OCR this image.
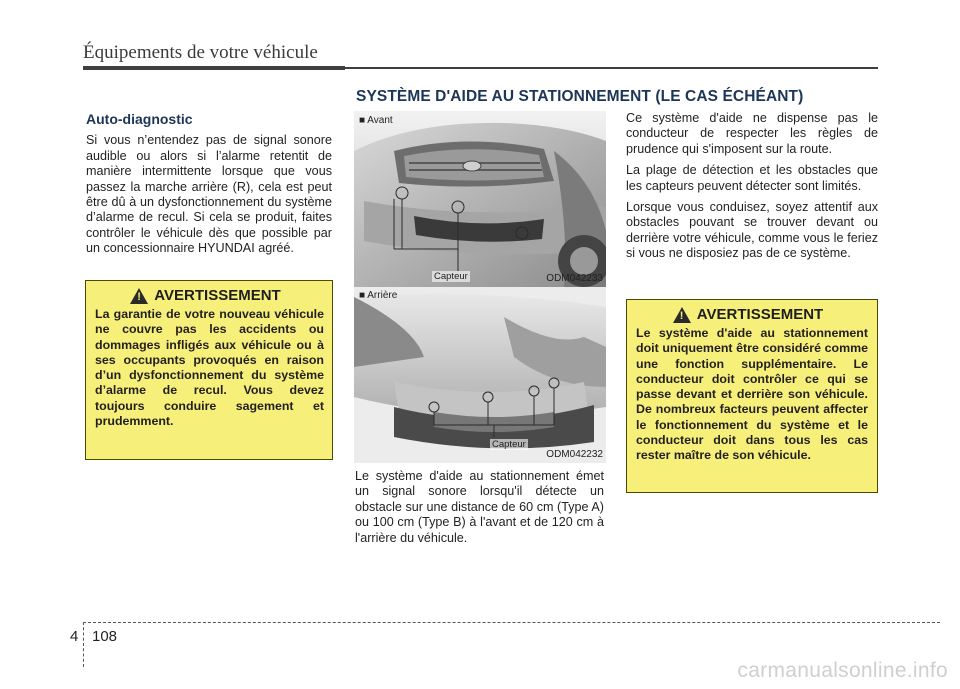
Équipements de votre véhicule
SYSTÈME D'AIDE AU STATIONNEMENT (LE CAS ÉCHÉANT)
Auto-diagnostic

Si vous n’entendez pas de signal sonore audible ou alors si l’alarme retentit de manière intermittente lorsque que vous passez la marche arrière (R), cela est peut être dû à un dysfonctionnement du système d’alarme de recul. Si cela se produit, faites contrôler le véhicule dès que possible par un concessionnaire HYUNDAI agréé.

! AVERTISSEMENT

La garantie de votre nouveau véhicule ne couvre pas les accidents ou dommages infligés aux véhicule ou à ses occupants provoqués en raison d’un dysfonctionnement du système d’alarme de recul. Vous devez toujours conduire sagement et prudemment.

■ Avant
Capteur	ODM042233
■ Arrière
Capteur
ODM042232

Le système d'aide au stationnement émet un signal sonore lorsqu'il détecte un obstacle sur une distance de 60 cm (Type A) ou 100 cm (Type B) à l'avant et de 120 cm à l'arrière du véhicule.

Ce système d'aide ne dispense pas le conducteur de respecter les règles de prudence qui s'imposent sur la route.

La plage de détection et les obstacles que les capteurs peuvent détecter sont limités.

Lorsque vous conduisez, soyez attentif aux obstacles pouvant se trouver devant ou derrière votre véhicule, comme vous le feriez si vous ne disposiez pas de ce système.

! AVERTISSEMENT

Le système d'aide au stationnement doit uniquement être considéré comme une fonction supplémentaire. Le conducteur doit contrôler ce qui se passe devant et derrière son véhicule. De nombreux facteurs peuvent affecter le fonctionnement du système et le conducteur doit dans tous les cas rester maître de son véhicule.

4 108
carmanualsonline.info
